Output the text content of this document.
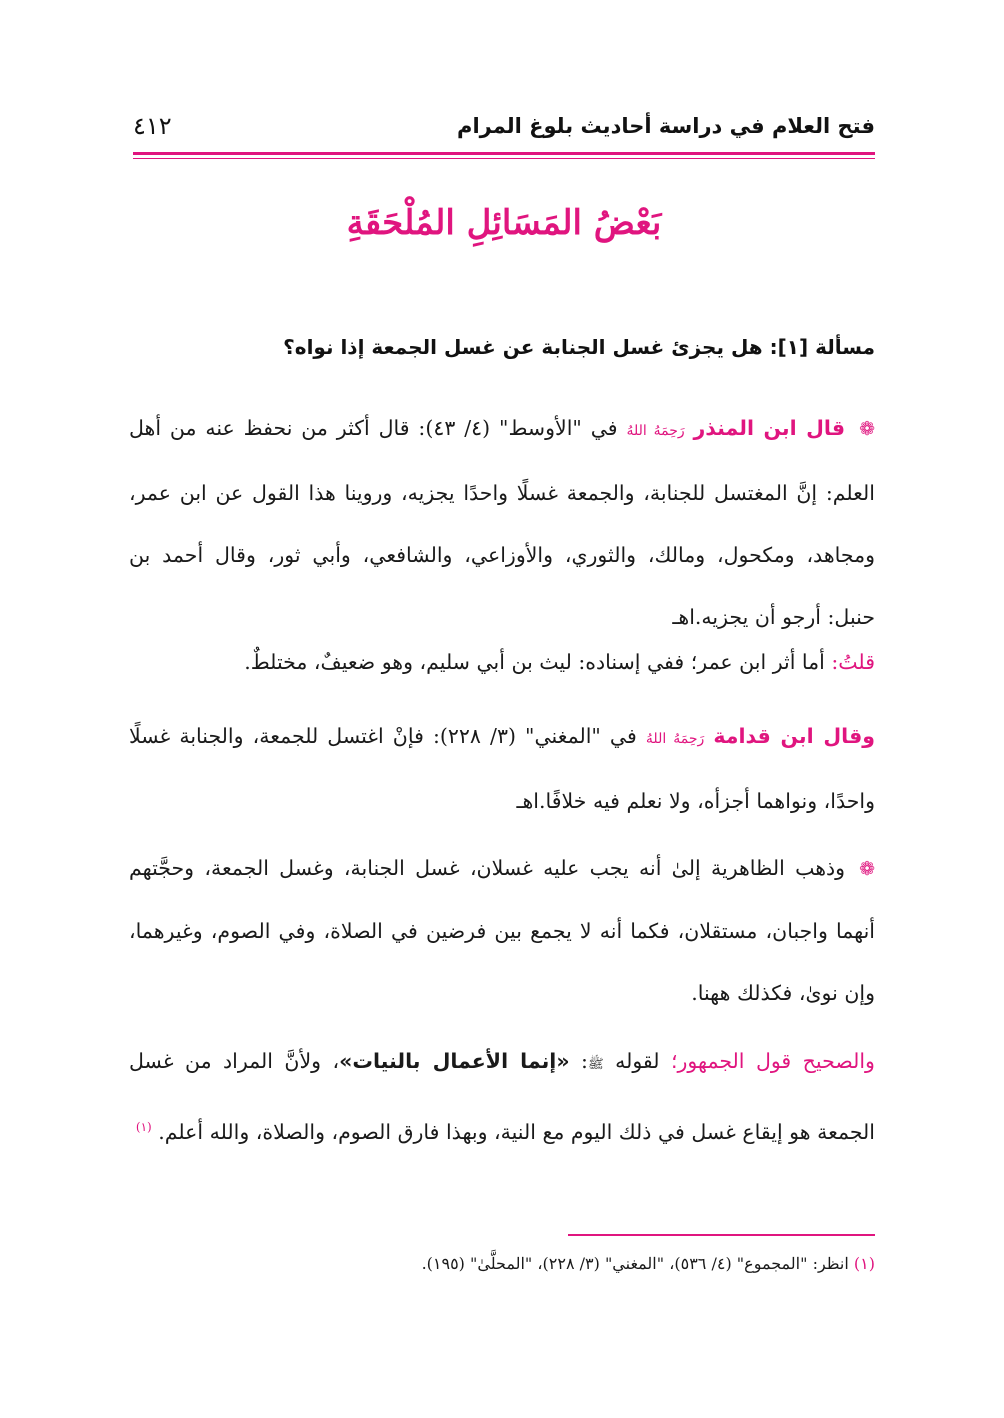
فتح العلام في دراسة أحاديث بلوغ المرام
٤١٢
بَعْضُ المَسَائِلِ المُلْحَقَةِ
مسألة [١]: هل يجزئ غسل الجنابة عن غسل الجمعة إذا نواه؟
❁قال ابن المنذر رَحِمَهُ اللهُ في "الأوسط" (٤/ ٤٣): قال أكثر من نحفظ عنه من أهل العلم: إنَّ المغتسل للجنابة، والجمعة غسلًا واحدًا يجزيه، وروينا هذا القول عن ابن عمر، ومجاهد، ومكحول، ومالك، والثوري، والأوزاعي، والشافعي، وأبي ثور، وقال أحمد بن حنبل: أرجو أن يجزيه.اهـ
قلتُ: أما أثر ابن عمر؛ ففي إسناده: ليث بن أبي سليم، وهو ضعيفٌ، مختلطٌ.
وقال ابن قدامة رَحِمَهُ اللهُ في "المغني" (٣/ ٢٢٨): فإنْ اغتسل للجمعة، والجنابة غسلًا واحدًا، ونواهما أجزأه، ولا نعلم فيه خلافًا.اهـ
❁وذهب الظاهرية إلىٰ أنه يجب عليه غسلان، غسل الجنابة، وغسل الجمعة، وحجَّتهم أنهما واجبان، مستقلان، فكما أنه لا يجمع بين فرضين في الصلاة، وفي الصوم، وغيرهما، وإن نوىٰ، فكذلك ههنا.
والصحيح قول الجمهور؛ لقوله ﷺ: «إنما الأعمال بالنيات»، ولأنَّ المراد من غسل الجمعة هو إيقاع غسل في ذلك اليوم مع النية، وبهذا فارق الصوم، والصلاة، والله أعلم. $^{(١)}$
(١) انظر: "المجموع" (٤/ ٥٣٦)، "المغني" (٣/ ٢٢٨)، "المحلَّىٰ" (١٩٥).
